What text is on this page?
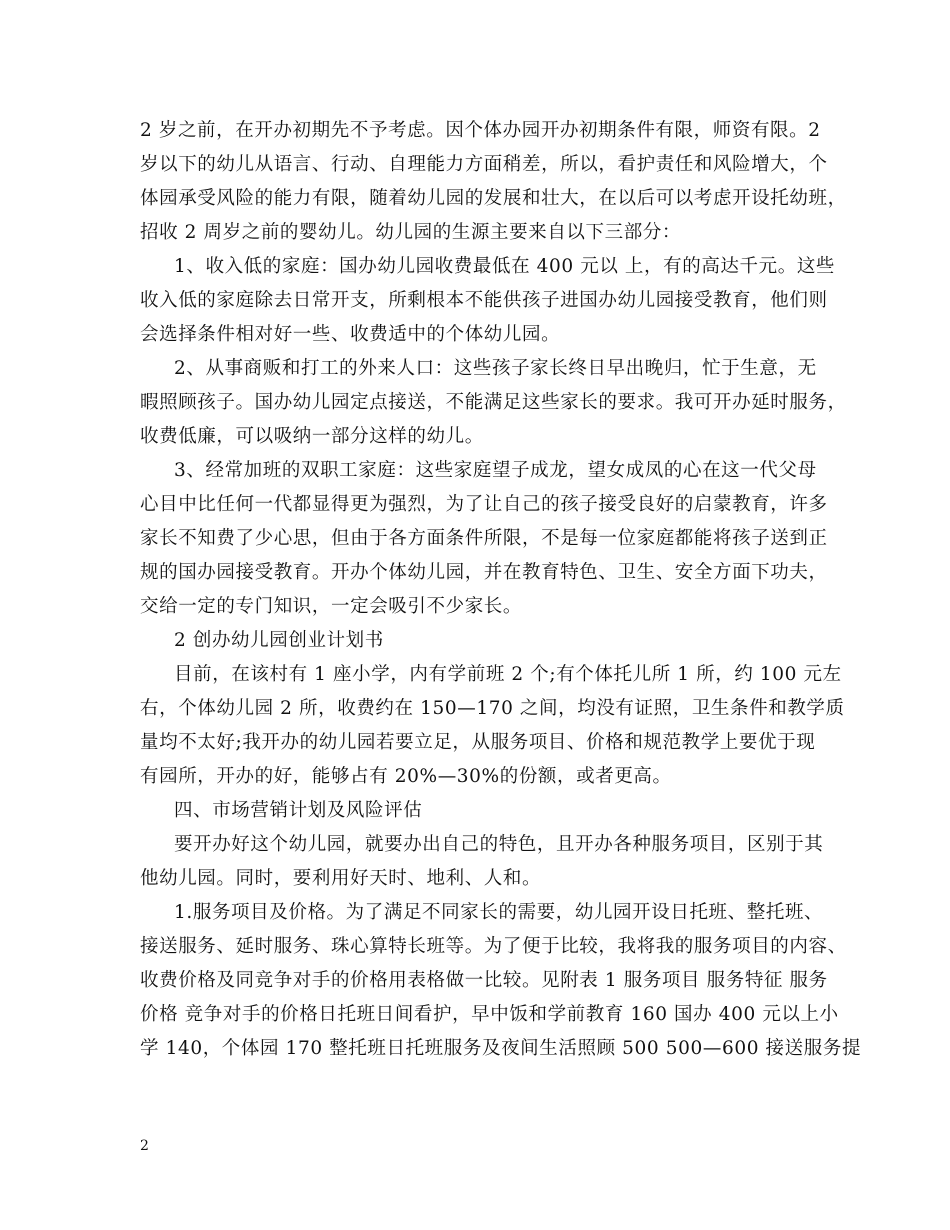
2 岁之前，在开办初期先不予考虑。因个体办园开办初期条件有限，师资有限。2
岁以下的幼儿从语言、行动、自理能力方面稍差，所以，看护责任和风险增大，个
体园承受风险的能力有限，随着幼儿园的发展和壮大，在以后可以考虑开设托幼班，
招收 2 周岁之前的婴幼儿。幼儿园的生源主要来自以下三部分：
1、收入低的家庭：国办幼儿园收费最低在 400 元以 上，有的高达千元。这些
收入低的家庭除去日常开支，所剩根本不能供孩子进国办幼儿园接受教育，他们则
会选择条件相对好一些、收费适中的个体幼儿园。
2、从事商贩和打工的外来人口：这些孩子家长终日早出晚归，忙于生意，无
暇照顾孩子。国办幼儿园定点接送，不能满足这些家长的要求。我可开办延时服务，
收费低廉，可以吸纳一部分这样的幼儿。
3、经常加班的双职工家庭：这些家庭望子成龙，望女成凤的心在这一代父母
心目中比任何一代都显得更为强烈，为了让自己的孩子接受良好的启蒙教育，许多
家长不知费了少心思，但由于各方面条件所限，不是每一位家庭都能将孩子送到正
规的国办园接受教育。开办个体幼儿园，并在教育特色、卫生、安全方面下功夫，
交给一定的专门知识，一定会吸引不少家长。
2 创办幼儿园创业计划书
目前，在该村有 1 座小学，内有学前班 2 个;有个体托儿所 1 所，约 100 元左
右，个体幼儿园 2 所，收费约在 150—170 之间，均没有证照，卫生条件和教学质
量均不太好;我开办的幼儿园若要立足，从服务项目、价格和规范教学上要优于现
有园所，开办的好，能够占有 20%—30%的份额，或者更高。
四、市场营销计划及风险评估
要开办好这个幼儿园，就要办出自己的特色，且开办各种服务项目，区别于其
他幼儿园。同时，要利用好天时、地利、人和。
1.服务项目及价格。为了满足不同家长的需要，幼儿园开设日托班、整托班、
接送服务、延时服务、珠心算特长班等。为了便于比较，我将我的服务项目的内容、
收费价格及同竞争对手的价格用表格做一比较。见附表 1 服务项目 服务特征 服务
价格 竞争对手的价格日托班日间看护，早中饭和学前教育 160 国办 400 元以上小
学 140，个体园 170 整托班日托班服务及夜间生活照顾 500 500—600 接送服务提
2
